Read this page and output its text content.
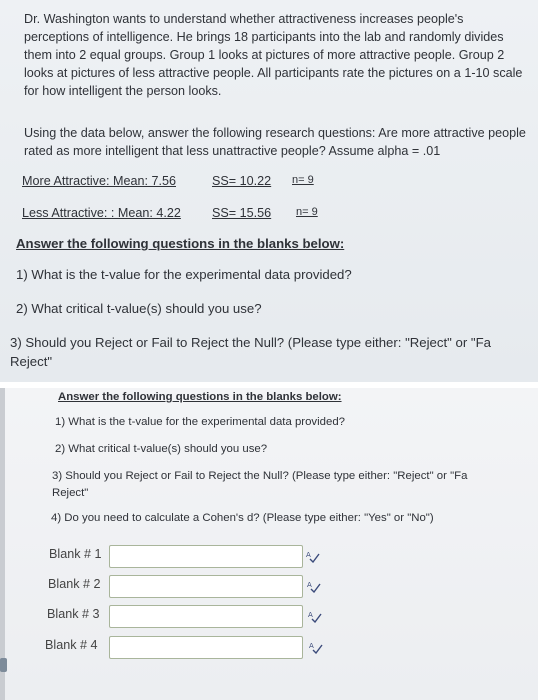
Dr. Washington wants to understand whether attractiveness increases people's perceptions of intelligence. He brings 18 participants into the lab and randomly divides them into 2 equal groups. Group 1 looks at pictures of more attractive people. Group 2 looks at pictures of less attractive people. All participants rate the pictures on a 1-10 scale for how intelligent the person looks.

Using the data below, answer the following research questions: Are more attractive people rated as more intelligent that less unattractive people? Assume alpha = .01

More Attractive: Mean: 7.56	SS= 10.22 n= 9
Less Attractive: : Mean: 4.22 SS= 15.56 n= 9

Answer the following questions in the blanks below:

1) What is the t-value for the experimental data provided?

2) What critical t-value(s) should you use?

3) Should you Reject or Fail to Reject the Null? (Please type either: "Reject" or "Fa

Reject"

Answer the following questions in the blanks below:
1) What is the t-value for the experimental data provided?
2) What critical t-value(s) should you use?
3) Should you Reject or Fail to Reject the Null? (Please type either: "Reject" or "Fa
Reject"
4) Do you need to calculate a Cohen's d? (Please type either: "Yes" or "No")
Blank # 1	A
Blank # 2	A
Blank # 3	A
Blank # 4	A
